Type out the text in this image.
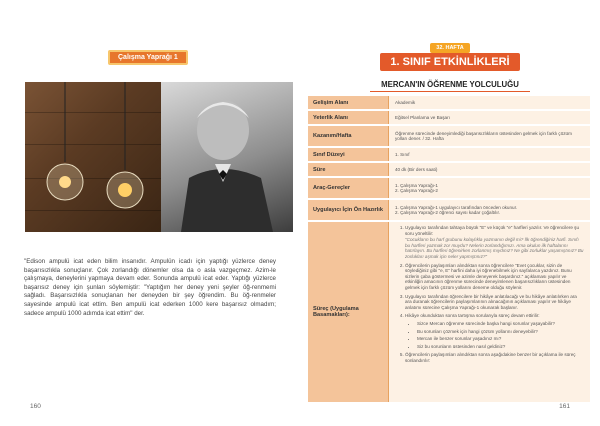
Çalışma Yaprağı 1
"Edison ampulü icat eden bilim insanıdır. Ampulün icadı için yaptığı yüzlerce deney başarısızlıkla sonuçlanır. Çok zorlandığı dönemler olsa da o asla vazgeçmez. Azim-le çalışmaya, deneylerini yapmaya devam eder. Sonunda ampulü icat eder. Yaptığı yüzlerce başarısız deney için şunları söylemiştir: "Yaptığım her deney yeni şeyler öğ-renmemi sağladı. Başarısızlıkla sonuçlanan her deneyden bir şey öğrendim. Bu öğ-renmeler sayesinde ampulü icat ettim. Ben ampulü icat ederken 1000 kere başarısız olmadım; sadece ampulü 1000 adımda icat ettim" der.
160
32. HAFTA
1. SINIF ETKİNLİKLERİ
MERCAN'IN ÖĞRENME YOLCULUĞU
Gelişim Alanı	Akademik
Yeterlik Alanı	Eğitsel Planlama ve Başarı
Kazanım/Hafta	Öğrenme sürecinde deneyimlediği başarısızlıkların üstesinden gelmek için farklı çözüm yolları dener. / 32. Hafta
Sınıf Düzeyi	1. Sınıf
Süre	40 dk (Bir ders saati)
Araç-Gereçler	1. Çalışma Yaprağı-1
2. Çalışma Yaprağı-2
Uygulayıcı İçin Ön Hazırlık	1. Çalışma Yaprağı-1 uygulayıcı tarafından önceden okunur.
2. Çalışma Yaprağı-2 öğrenci sayısı kadar çoğaltılır.
Süreç (Uygulama Basamakları):
1. Uygulayıcı tarafından tahtaya büyük "E" ve küçük "e" harfleri yazılır. Ve öğrencilere şu soru yöneltilir:
"Cocukların bu harf grubunu kolaylıkla yazmanın değil mi? İlk öğrendiğiniz harfi. Sınıfı bu harfleri yazmak zor muydu? Nelerin zorlandığımızı. Ama okulun ilk haftalarını hatırlayın. Bu harfleri öğrenirken zorlanmış mıydınız? Ne gibi zorluklar yaşamıştınız? Bu zorlukları aşmak için neler yapmıştınız?"
2. Öğrencilerin paylaşımları alındıktan sonra öğrencilere "Evet çocuklar, sizin de söylediğiniz gibi "e, E" harfini daha iyi öğrenebilmek için sayfalarca yazdınız. Bunu sizlerin çaba göstermesi ve azimle deneyerek başardınız." açıklaması yapılır ve etkinliğin amacının öğrenme sürecinde deneyimlenen başarısızlıkların üstesinden gelmek için farklı çözüm yollarını deneme olduğu söylenir.
3. Uygulayıcı tarafından öğrencilere bir hikâye anlatılacağı ve bu hikâye anlatılırken ara ara duranak öğrencilerin paylaşımlarının alınacağının açıklaması yapılır ve hikâye anlatımı sürecine Çalışma Yaprağı-1 okunarak başlanır.
4. Hikâye okunduktan sonra tartışma sorularıyla süreç devam ettirilir:
• Sizce Mercan öğrenme sürecinde başka hangi sorunlar yaşayabilir?
• Bu sorunları çözmek için hangi çözüm yollarını deneyebilir?
• Mercan ile benzer sorunlar yaşadınız mı?
• Siz bu sorunların üstesinden nasıl geldiniz?
5. Öğrencilerin paylaşımları alındıktan sonra aşağıdakine benzer bir açıklama ile süreç sonlandırılır:
161
